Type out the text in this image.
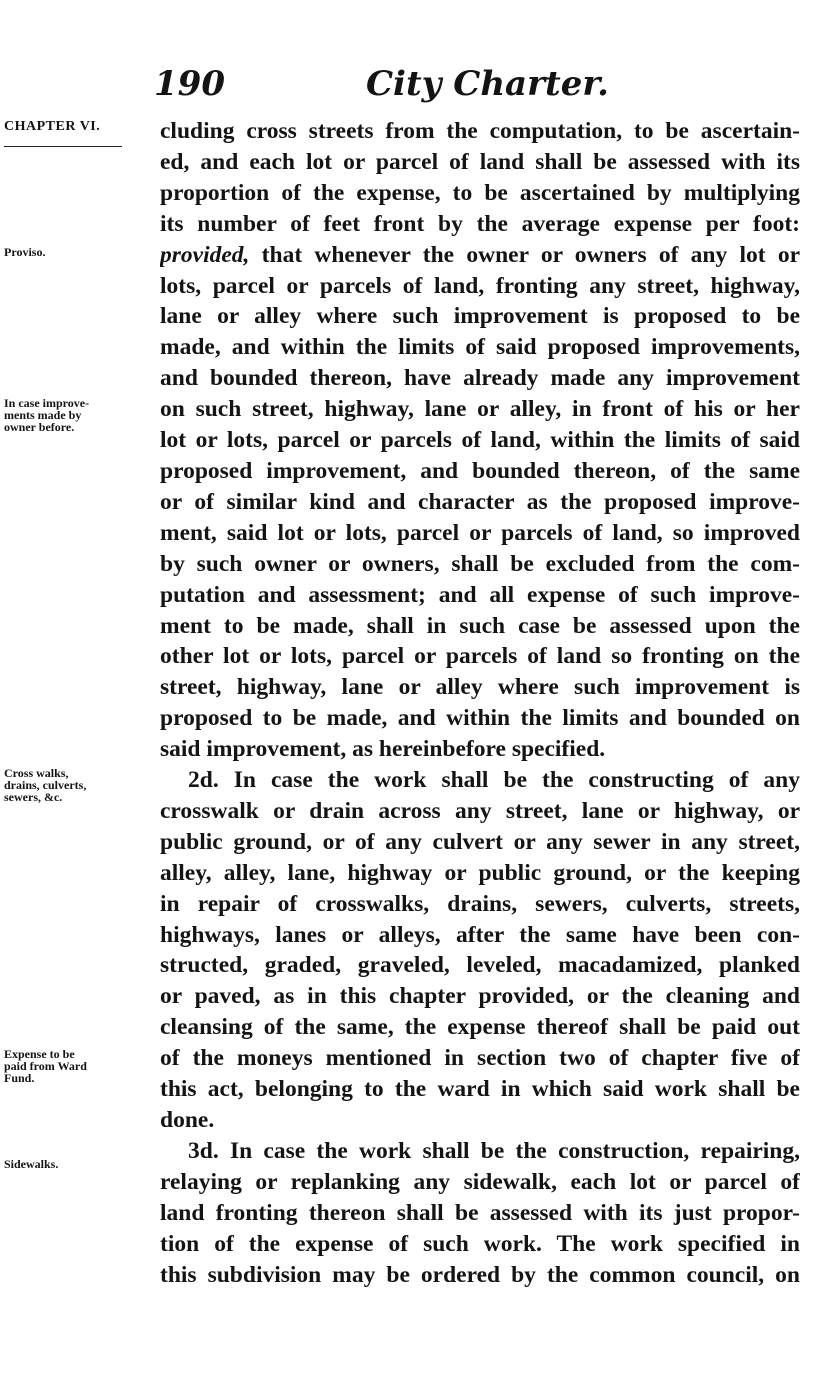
190	City Charter.
CHAPTER VI.
Proviso.
In case improve-
ments made by
owner before.
Cross walks,
drains, culverts,
sewers, &c.
Expense to be
paid from Ward
Fund.
Sidewalks.
cluding cross streets from the computation, to be ascertain-
ed, and each lot or parcel of land shall be assessed with its
proportion of the expense, to be ascertained by multiplying
its number of feet front by the average expense per foot:
provided, that whenever the owner or owners of any lot or
lots, parcel or parcels of land, fronting any street, highway,
lane or alley where such improvement is proposed to be
made, and within the limits of said proposed improvements,
and bounded thereon, have already made any improvement
on such street, highway, lane or alley, in front of his or her
lot or lots, parcel or parcels of land, within the limits of said
proposed improvement, and bounded thereon, of the same
or of similar kind and character as the proposed improve-
ment, said lot or lots, parcel or parcels of land, so improved
by such owner or owners, shall be excluded from the com-
putation and assessment; and all expense of such improve-
ment to be made, shall in such case be assessed upon the
other lot or lots, parcel or parcels of land so fronting on the
street, highway, lane or alley where such improvement is
proposed to be made, and within the limits and bounded on
said improvement, as hereinbefore specified.
2d. In case the work shall be the constructing of any
crosswalk or drain across any street, lane or highway, or
public ground, or of any culvert or any sewer in any street,
alley, alley, lane, highway or public ground, or the keeping
in repair of crosswalks, drains, sewers, culverts, streets,
highways, lanes or alleys, after the same have been con-
structed, graded, graveled, leveled, macadamized, planked
or paved, as in this chapter provided, or the cleaning and
cleansing of the same, the expense thereof shall be paid out
of the moneys mentioned in section two of chapter five of
this act, belonging to the ward in which said work shall be
done.
3d. In case the work shall be the construction, repairing,
relaying or replanking any sidewalk, each lot or parcel of
land fronting thereon shall be assessed with its just propor-
tion of the expense of such work. The work specified in
this subdivision may be ordered by the common council, on
